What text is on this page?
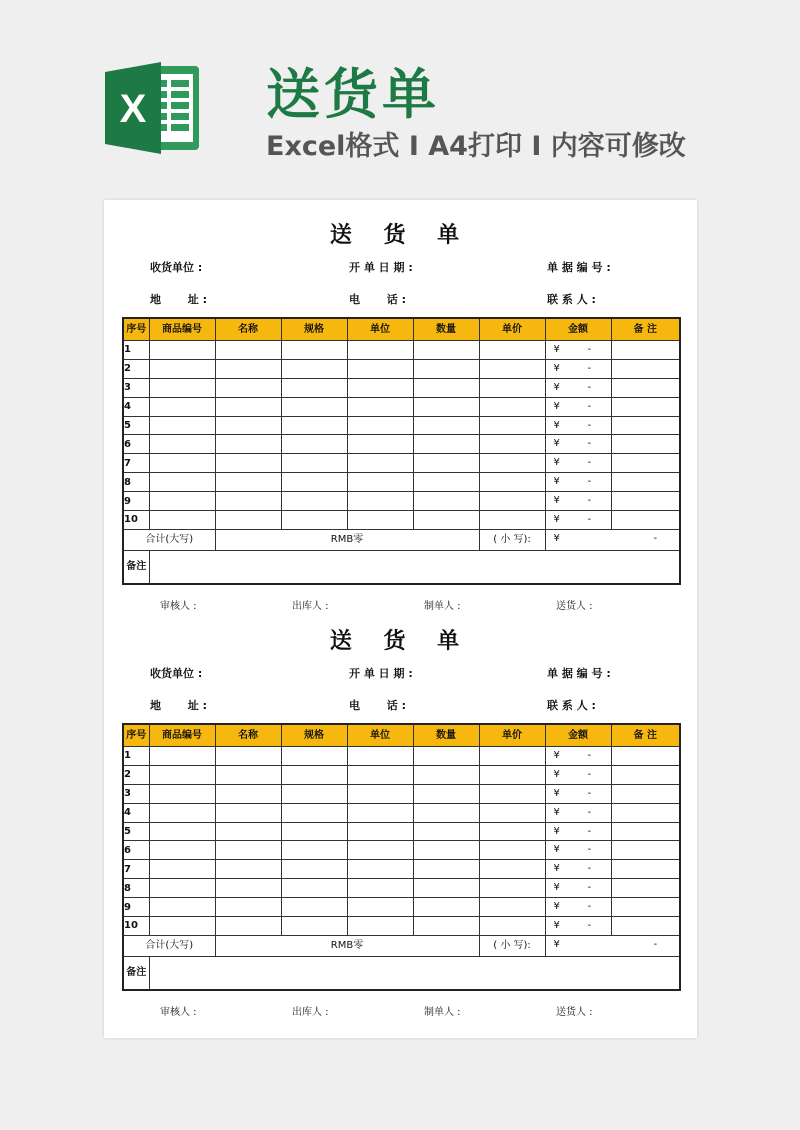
X 送货单
Excel格式 I A4打印 I 内容可修改
送 货 单
收货单位 :	开 单 日 期 :	单 据 编 号 :
地       址 :	电       话 :	联 系 人 :
序号	商品编号	名称	规格	单位	数量	单价	金额	备 注
1							¥ -	

2							¥ -	

3							¥ -	

4							¥ -	

5							¥ -	

6							¥ -	

7							¥ -	

8							¥ -	

9							¥ -	

10							¥ -	

合计(大写)		RMB零				( 小 写):	¥ -	

备注								
审核人 :	出库人 :	制单人 :	送货人 :
送 货 单
收货单位 :	开 单 日 期 :	单 据 编 号 :
地       址 :	电       话 :	联 系 人 :
序号	商品编号	名称	规格	单位	数量	单价	金额	备 注
1							¥ -	

2							¥ -	

3							¥ -	

4							¥ -	

5							¥ -	

6							¥ -	

7							¥ -	

8							¥ -	

9							¥ -	

10							¥ -	

合计(大写)		RMB零				( 小 写):	¥ -	

备注								
审核人 :	出库人 :	制单人 :	送货人 :
